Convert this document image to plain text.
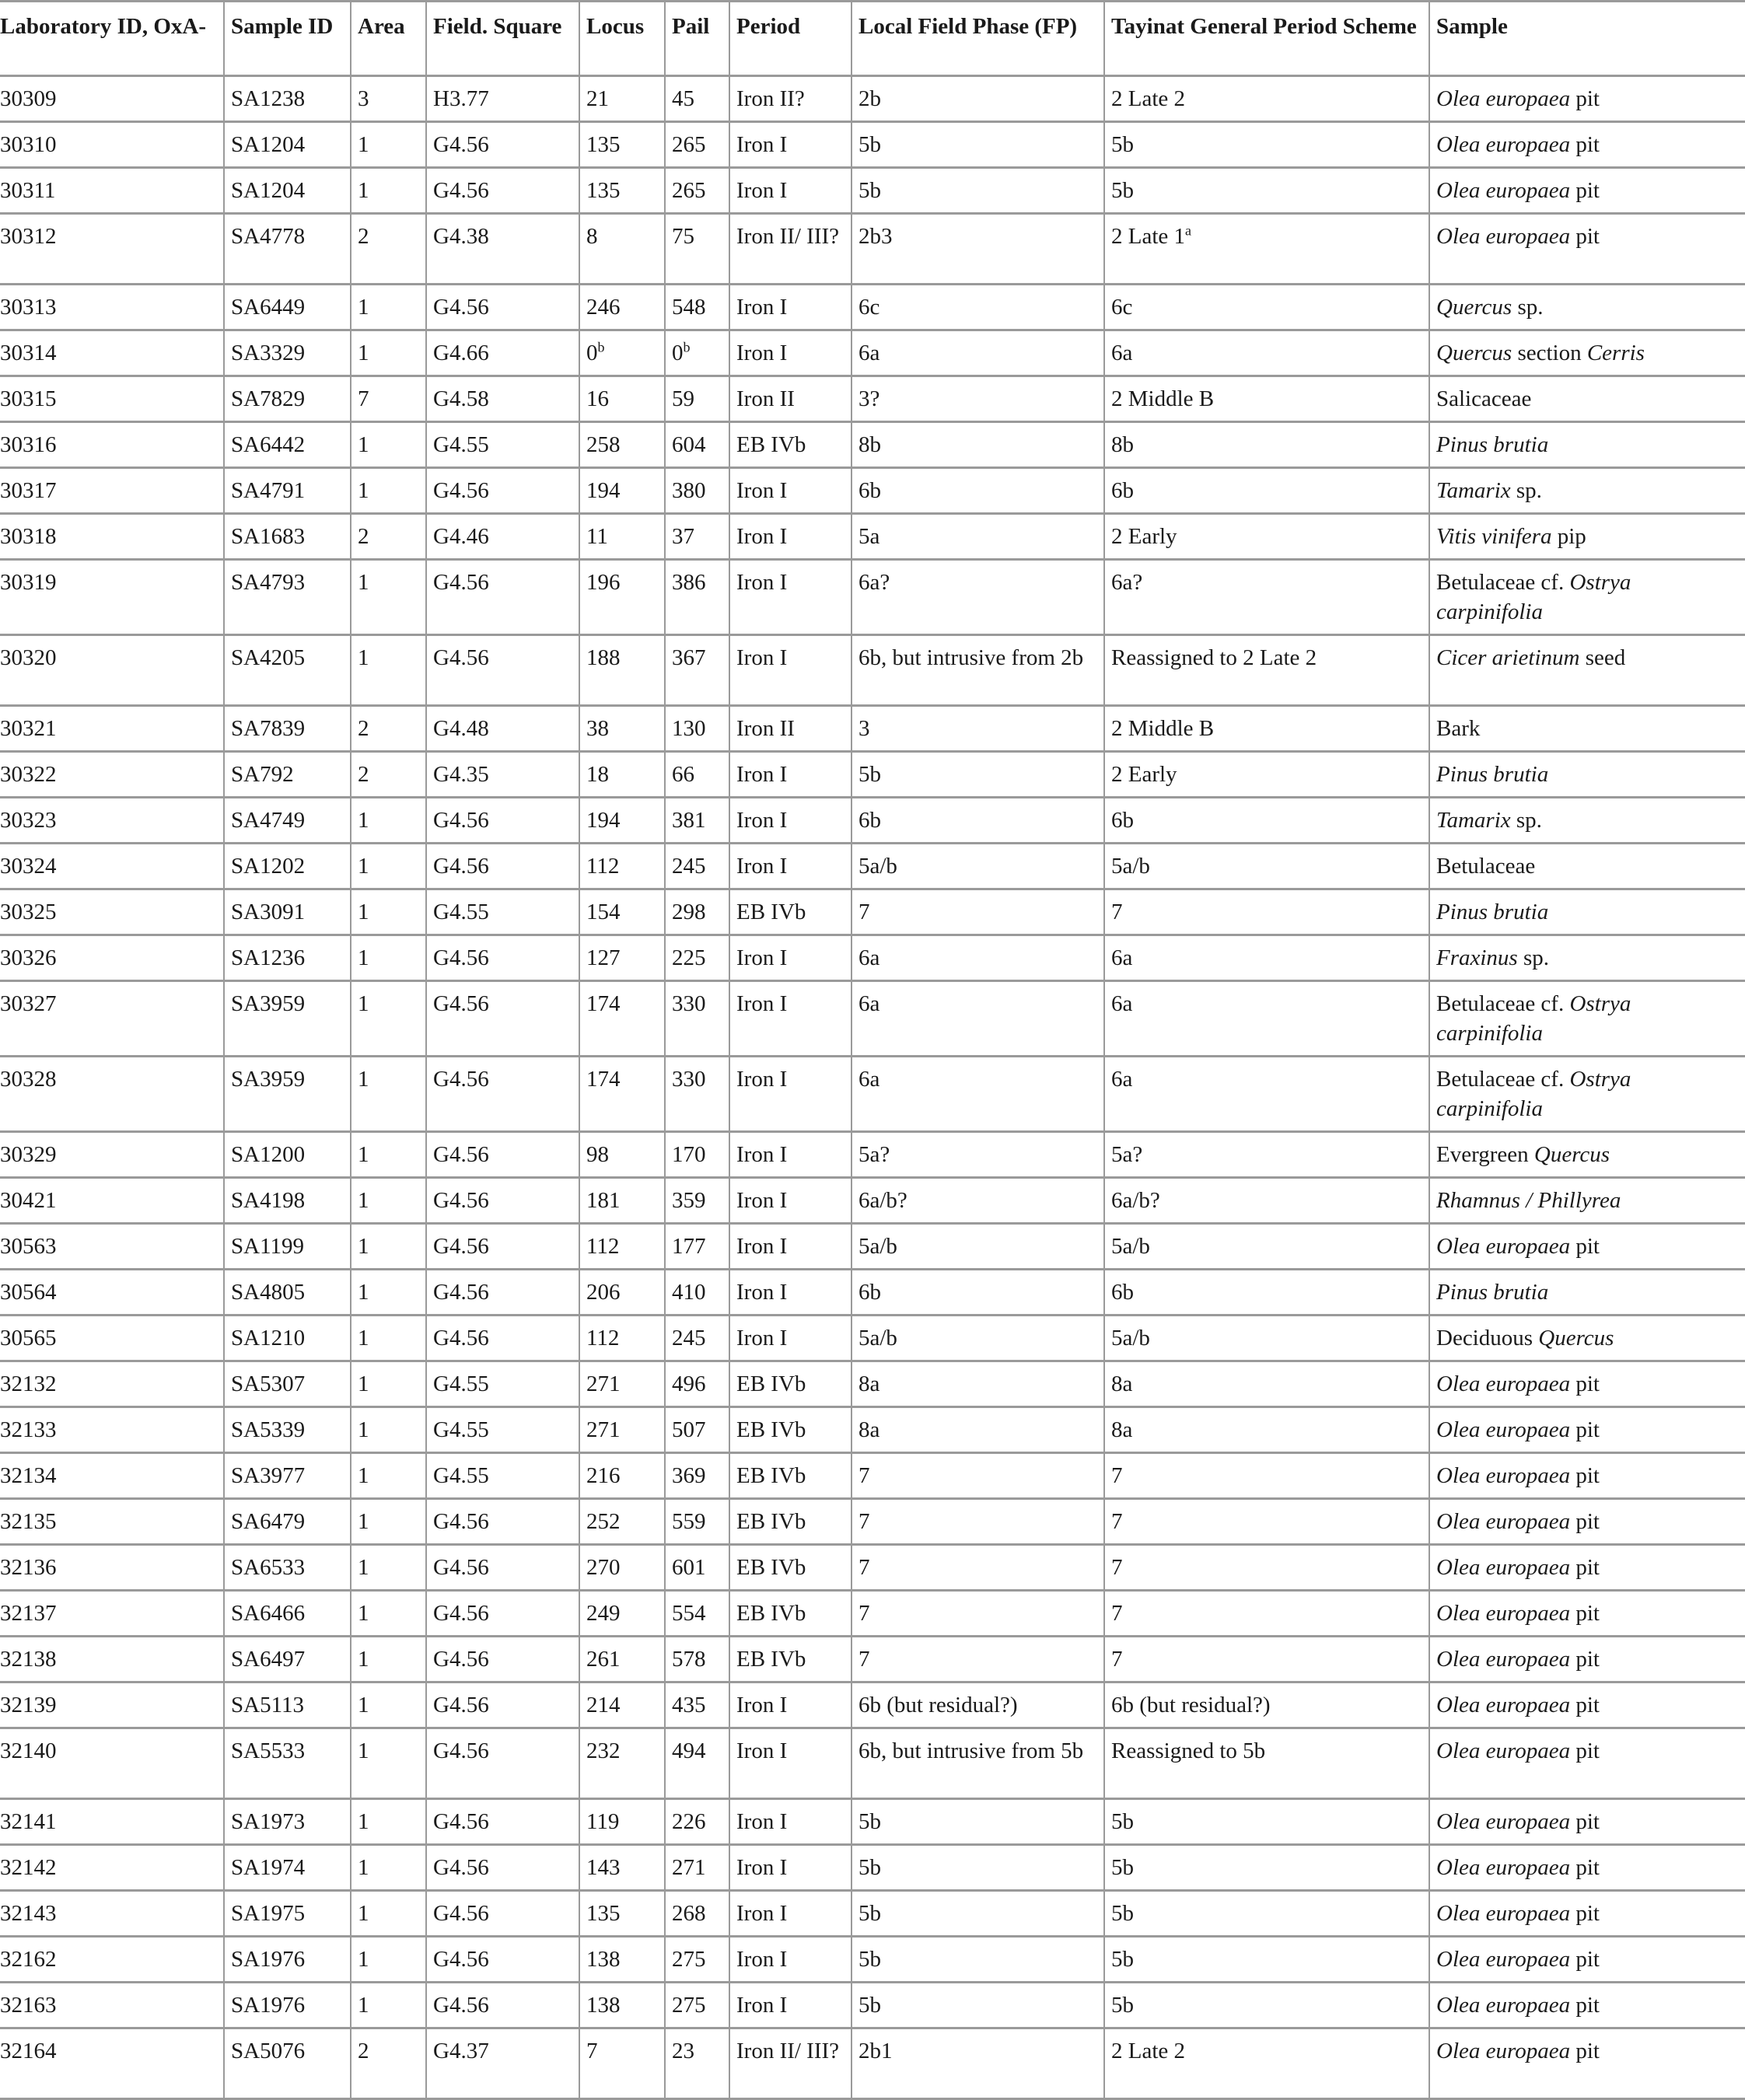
Laboratory ID, OxA-	Sample ID	Area	Field. Square	Locus	Pail	Period	Local Field Phase (FP)	Tayinat General Period Scheme	Sample
30309	SA1238	3	H3.77	21	45	Iron II?	2b	2 Late 2	Olea europaea pit
30310	SA1204	1	G4.56	135	265	Iron I	5b	5b	Olea europaea pit
30311	SA1204	1	G4.56	135	265	Iron I	5b	5b	Olea europaea pit
30312	SA4778	2	G4.38	8	75	Iron II/ III?	2b3	2 Late 1$^a$	Olea europaea pit
30313	SA6449	1	G4.56	246	548	Iron I	6c	6c	Quercus sp.
30314	SA3329	1	G4.66	0$^b$	0$^b$	Iron I	6a	6a	Quercus section Cerris
30315	SA7829	7	G4.58	16	59	Iron II	3?	2 Middle B	Salicaceae
30316	SA6442	1	G4.55	258	604	EB IVb	8b	8b	Pinus brutia
30317	SA4791	1	G4.56	194	380	Iron I	6b	6b	Tamarix sp.
30318	SA1683	2	G4.46	11	37	Iron I	5a	2 Early	Vitis vinifera pip
30319	SA4793	1	G4.56	196	386	Iron I	6a?	6a?	Betulaceae cf. Ostrya carpinifolia
30320	SA4205	1	G4.56	188	367	Iron I	6b, but intrusive from 2b	Reassigned to 2 Late 2	Cicer arietinum seed
30321	SA7839	2	G4.48	38	130	Iron II	3	2 Middle B	Bark
30322	SA792	2	G4.35	18	66	Iron I	5b	2 Early	Pinus brutia
30323	SA4749	1	G4.56	194	381	Iron I	6b	6b	Tamarix sp.
30324	SA1202	1	G4.56	112	245	Iron I	5a/b	5a/b	Betulaceae
30325	SA3091	1	G4.55	154	298	EB IVb	7	7	Pinus brutia
30326	SA1236	1	G4.56	127	225	Iron I	6a	6a	Fraxinus sp.
30327	SA3959	1	G4.56	174	330	Iron I	6a	6a	Betulaceae cf. Ostrya carpinifolia
30328	SA3959	1	G4.56	174	330	Iron I	6a	6a	Betulaceae cf. Ostrya carpinifolia
30329	SA1200	1	G4.56	98	170	Iron I	5a?	5a?	Evergreen Quercus
30421	SA4198	1	G4.56	181	359	Iron I	6a/b?	6a/b?	Rhamnus / Phillyrea
30563	SA1199	1	G4.56	112	177	Iron I	5a/b	5a/b	Olea europaea pit
30564	SA4805	1	G4.56	206	410	Iron I	6b	6b	Pinus brutia
30565	SA1210	1	G4.56	112	245	Iron I	5a/b	5a/b	Deciduous Quercus
32132	SA5307	1	G4.55	271	496	EB IVb	8a	8a	Olea europaea pit
32133	SA5339	1	G4.55	271	507	EB IVb	8a	8a	Olea europaea pit
32134	SA3977	1	G4.55	216	369	EB IVb	7	7	Olea europaea pit
32135	SA6479	1	G4.56	252	559	EB IVb	7	7	Olea europaea pit
32136	SA6533	1	G4.56	270	601	EB IVb	7	7	Olea europaea pit
32137	SA6466	1	G4.56	249	554	EB IVb	7	7	Olea europaea pit
32138	SA6497	1	G4.56	261	578	EB IVb	7	7	Olea europaea pit
32139	SA5113	1	G4.56	214	435	Iron I	6b (but residual?)	6b (but residual?)	Olea europaea pit
32140	SA5533	1	G4.56	232	494	Iron I	6b, but intrusive from 5b	Reassigned to 5b	Olea europaea pit
32141	SA1973	1	G4.56	119	226	Iron I	5b	5b	Olea europaea pit
32142	SA1974	1	G4.56	143	271	Iron I	5b	5b	Olea europaea pit
32143	SA1975	1	G4.56	135	268	Iron I	5b	5b	Olea europaea pit
32162	SA1976	1	G4.56	138	275	Iron I	5b	5b	Olea europaea pit
32163	SA1976	1	G4.56	138	275	Iron I	5b	5b	Olea europaea pit
32164	SA5076	2	G4.37	7	23	Iron II/ III?	2b1	2 Late 2	Olea europaea pit
